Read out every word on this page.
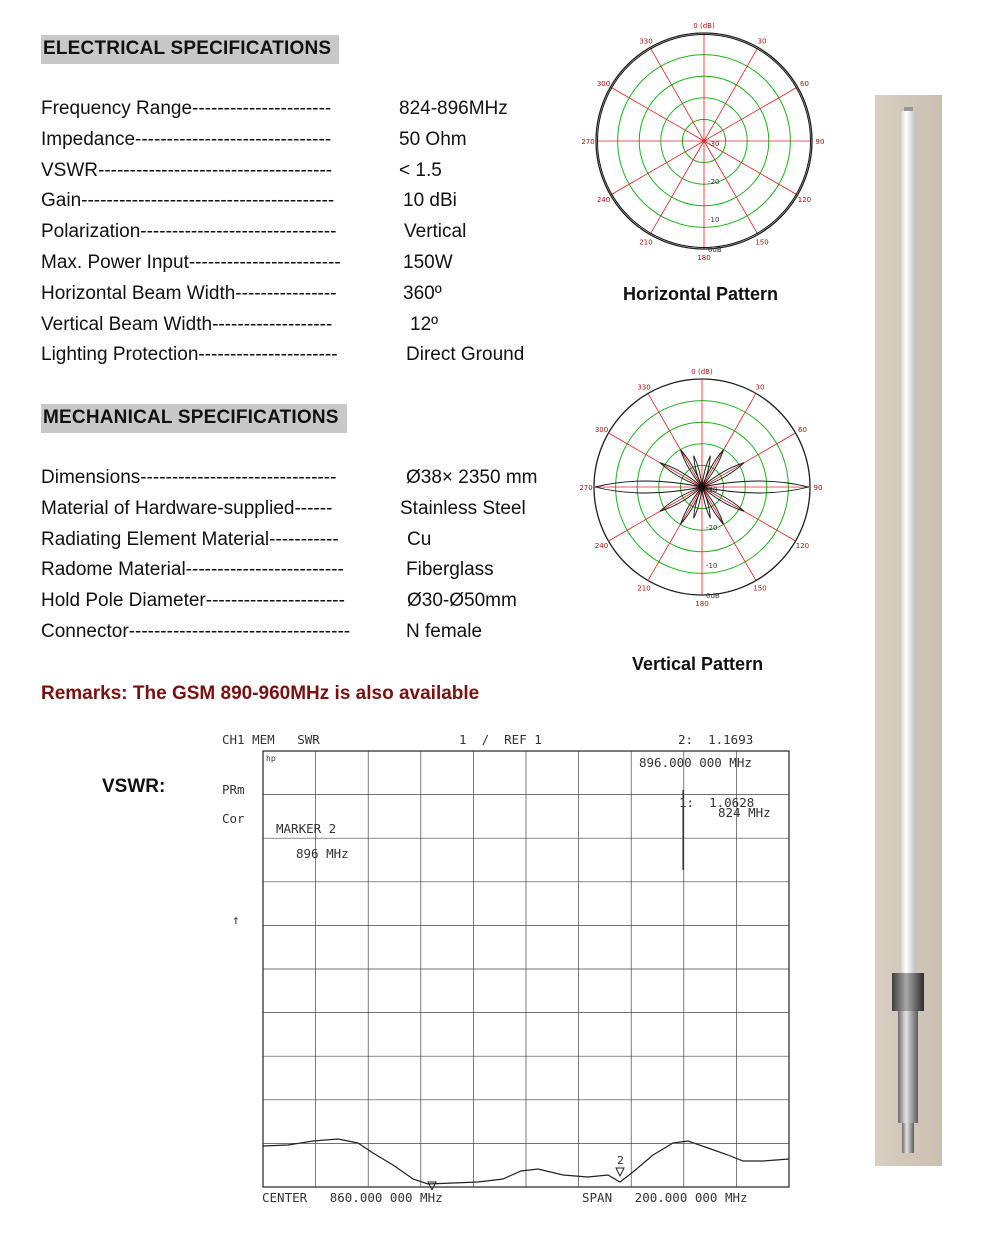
ELECTRICAL SPECIFICATIONS
Frequency Range----------------------	824-896MHz
Impedance-------------------------------	50 Ohm
VSWR-------------------------------------	< 1.5
Gain----------------------------------------	10 dBi
Polarization-------------------------------	Vertical
Max. Power Input------------------------	150W
Horizontal Beam Width----------------	360º
Vertical Beam Width-------------------	12º
Lighting Protection----------------------	Direct Ground
MECHANICAL SPECIFICATIONS
Dimensions-------------------------------	Ø38× 2350 mm
Material of Hardware-supplied------	Stainless Steel
Radiating Element Material-----------	Cu
Radome Material-------------------------	Fiberglass
Hold Pole Diameter----------------------	Ø30-Ø50mm
Connector-----------------------------------	N female
0 (dB)
30
60
90
120
150
180
210
240
270
300
330
-30
-20
-10
0dB
Horizontal Pattern
0 (dB)
30
60
90
120
150
180
210
240
270
300
330
-30
-20
-10
0dB
Vertical Pattern
Remarks: The GSM 890-960MHz is also available
VSWR:
CH1 MEM   SWR	1  /  REF 1	2:  1.1693
PRm
Cor
↑
2
896.000 000 MHz
1:  1.0628
824 MHz
MARKER 2
896 MHz
hp
CENTER   860.000 000 MHz	SPAN   200.000 000 MHz
